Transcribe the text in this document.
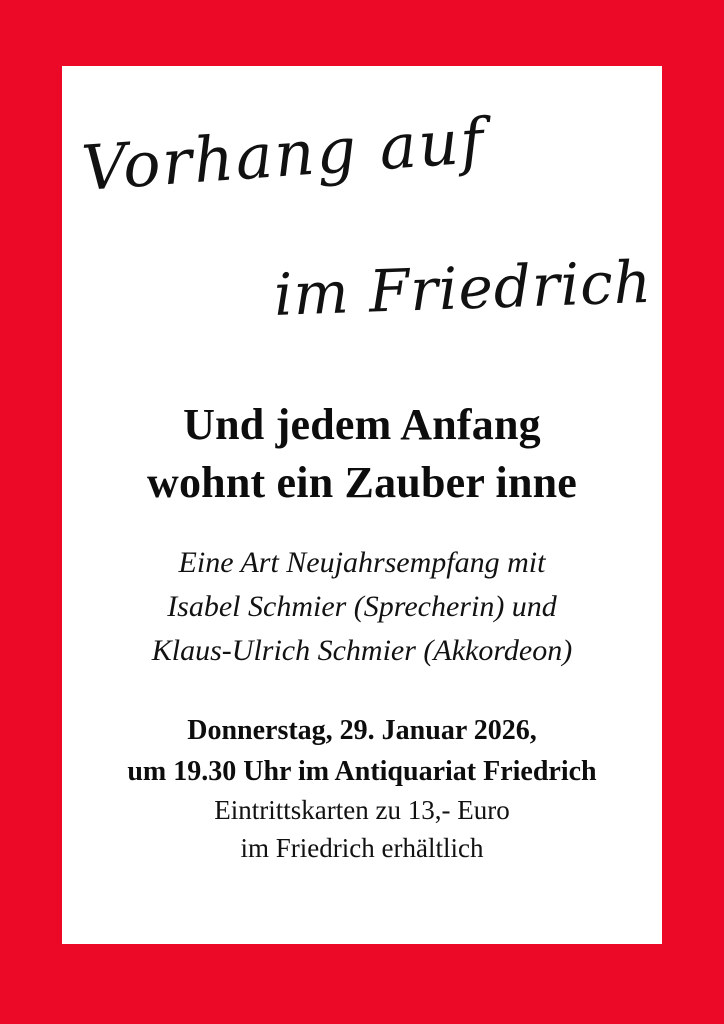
Vorhang auf
im Friedrich
Und jedem Anfang
wohnt ein Zauber inne
Eine Art Neujahrsempfang mit
Isabel Schmier (Sprecherin) und
Klaus-Ulrich Schmier (Akkordeon)
Donnerstag, 29. Januar 2026,
um 19.30 Uhr im Antiquariat Friedrich
Eintrittskarten zu 13,- Euro
im Friedrich erhältlich
